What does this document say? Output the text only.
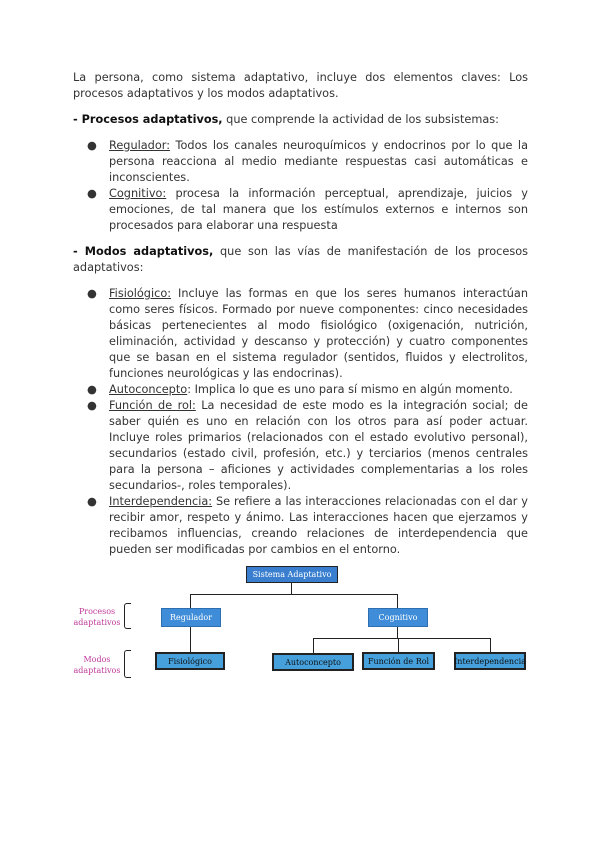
La persona, como sistema adaptativo, incluye dos elementos claves: Los procesos adaptativos y los modos adaptativos.

- Procesos adaptativos, que comprende la actividad de los subsistemas:

● Regulador: Todos los canales neuroquímicos y endocrinos por lo que la persona reacciona al medio mediante respuestas casi automáticas e inconscientes.
● Cognitivo: procesa la información perceptual, aprendizaje, juicios y emociones, de tal manera que los estímulos externos e internos son procesados para elaborar una respuesta

- Modos adaptativos, que son las vías de manifestación de los procesos adaptativos:

● Fisiológico: Incluye las formas en que los seres humanos interactúan como seres físicos. Formado por nueve componentes: cinco necesidades básicas pertenecientes al modo fisiológico (oxigenación, nutrición, eliminación, actividad y descanso y protección) y cuatro componentes que se basan en el sistema regulador (sentidos, fluidos y electrolitos, funciones neurológicas y las endocrinas).
● Autoconcepto: Implica lo que es uno para sí mismo en algún momento.
● Función de rol: La necesidad de este modo es la integración social; de saber quién es uno en relación con los otros para así poder actuar. Incluye roles primarios (relacionados con el estado evolutivo personal), secundarios (estado civil, profesión, etc.) y terciarios (menos centrales para la persona – aficiones y actividades complementarias a los roles secundarios-, roles temporales).
● Interdependencia: Se refiere a las interacciones relacionadas con el dar y recibir amor, respeto y ánimo. Las interacciones hacen que ejerzamos y recibamos influencias, creando relaciones de interdependencia que pueden ser modificadas por cambios en el entorno.
Sistema Adaptativo
Regulador	Cognitivo
Fisiológico	Autoconcepto	Función de Rol	Interdependencia
Procesos adaptativos
Modos adaptativos
